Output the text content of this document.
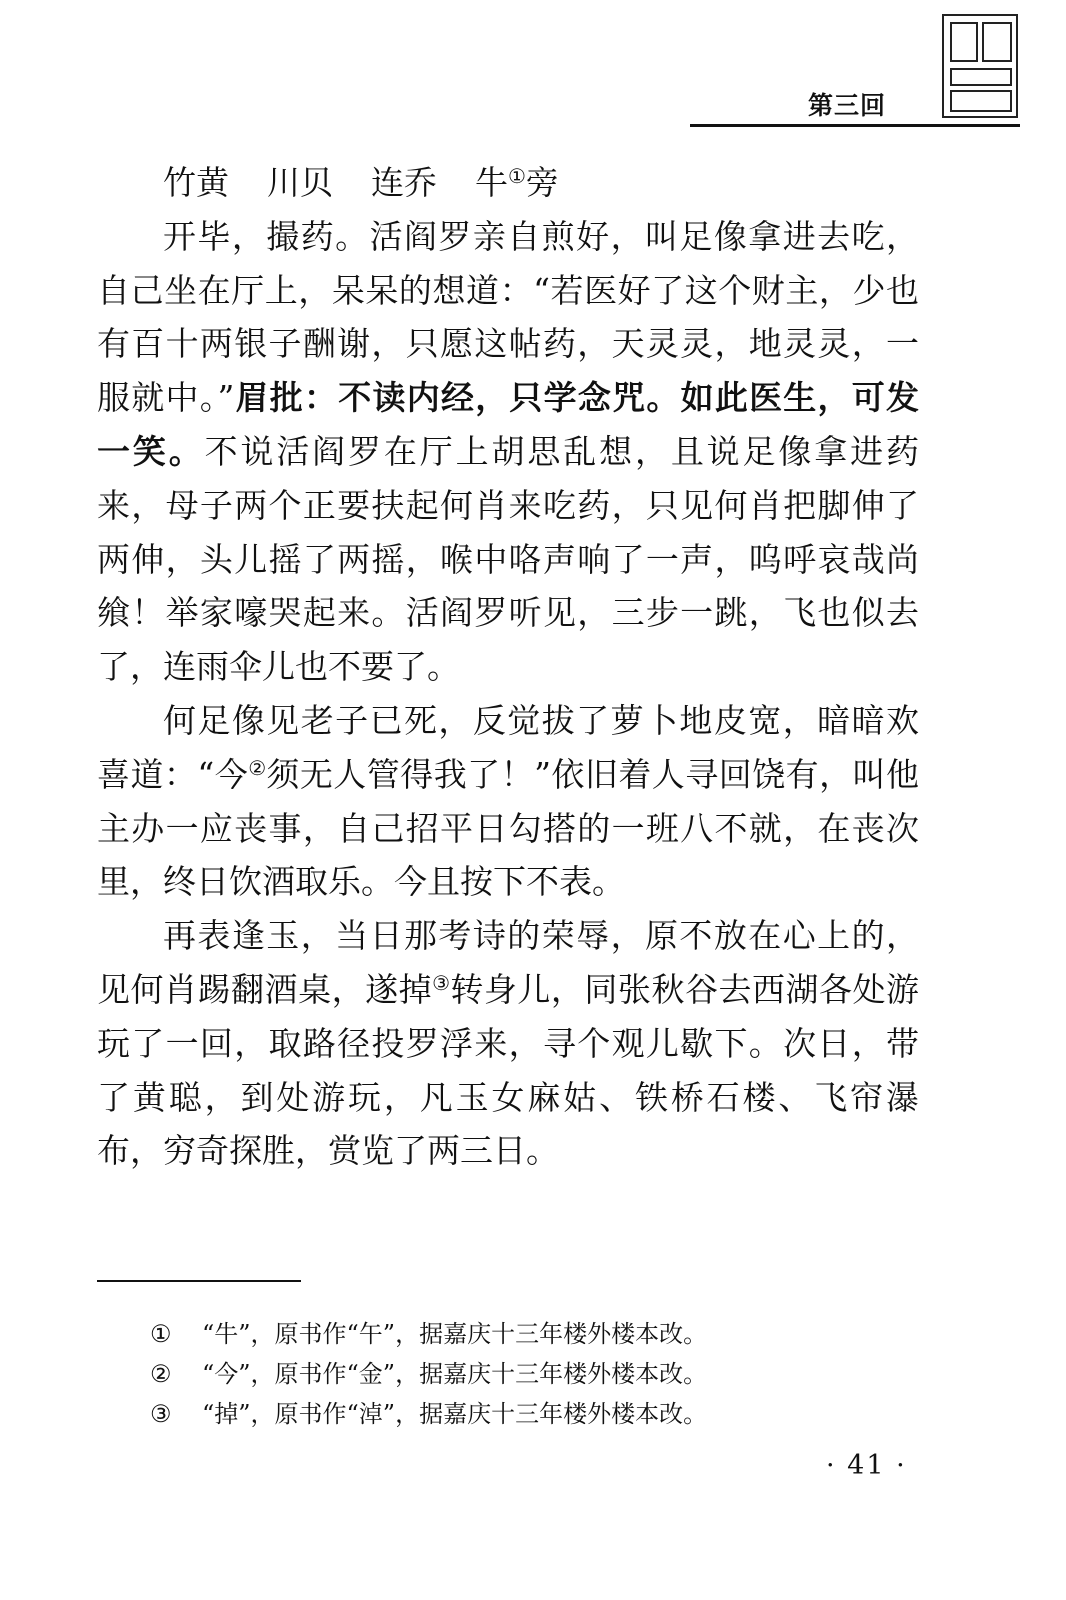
第三回

竹黄 川贝 连乔 牛①旁

开毕，撮药。活阎罗亲自煎好，叫足像拿进去吃，自己坐在厅上，呆呆的想道：“若医好了这个财主，少也有百十两银子酬谢，只愿这帖药，天灵灵，地灵灵，一服就中。”眉批：不读内经，只学念咒。如此医生，可发一笑。不说活阎罗在厅上胡思乱想，且说足像拿进药来，母子两个正要扶起何肖来吃药，只见何肖把脚伸了两伸，头儿摇了两摇，喉中咯声响了一声，呜呼哀哉尚飨！举家嚎哭起来。活阎罗听见，三步一跳，飞也似去了，连雨伞儿也不要了。

何足像见老子已死，反觉拔了萝卜地皮宽，暗暗欢喜道：“今②须无人管得我了！”依旧着人寻回饶有，叫他主办一应丧事，自己招平日勾搭的一班八不就，在丧次里，终日饮酒取乐。今且按下不表。

再表逢玉，当日那考诗的荣辱，原不放在心上的，见何肖踢翻酒桌，遂掉③转身儿，同张秋谷去西湖各处游玩了一回，取路径投罗浮来，寻个观儿歇下。次日，带了黄聪，到处游玩，凡玉女麻姑、铁桥石楼、飞帘瀑布，穷奇探胜，赏览了两三日。

①	“牛”，原书作“午”，据嘉庆十三年楼外楼本改。
②	“今”，原书作“金”，据嘉庆十三年楼外楼本改。
③	“掉”，原书作“淖”，据嘉庆十三年楼外楼本改。
· 41 ·
